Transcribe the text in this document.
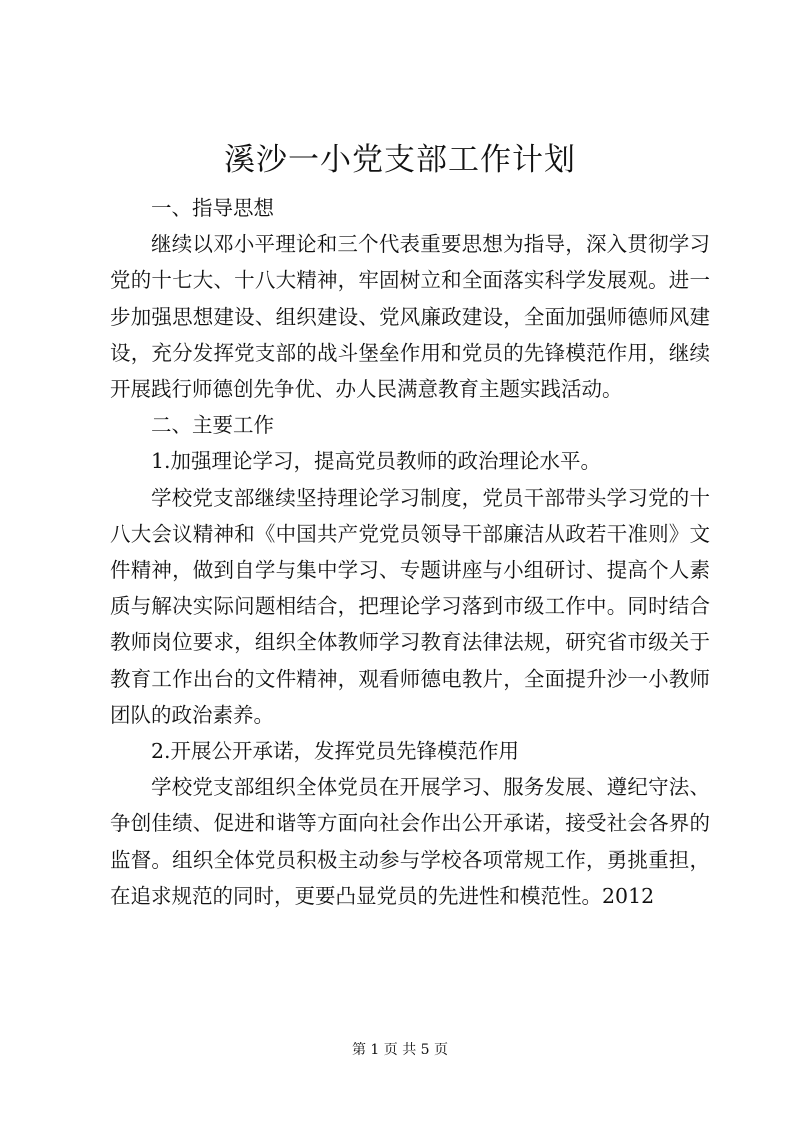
溪沙一小党支部工作计划

一、指导思想

继续以邓小平理论和三个代表重要思想为指导，深入贯彻学习党的十七大、十八大精神，牢固树立和全面落实科学发展观。进一步加强思想建设、组织建设、党风廉政建设，全面加强师德师风建设，充分发挥党支部的战斗堡垒作用和党员的先锋模范作用，继续开展践行师德创先争优、办人民满意教育主题实践活动。

二、主要工作

1.加强理论学习，提高党员教师的政治理论水平。

学校党支部继续坚持理论学习制度，党员干部带头学习党的十八大会议精神和《中国共产党党员领导干部廉洁从政若干准则》文件精神，做到自学与集中学习、专题讲座与小组研讨、提高个人素质与解决实际问题相结合，把理论学习落到市级工作中。同时结合教师岗位要求，组织全体教师学习教育法律法规，研究省市级关于教育工作出台的文件精神，观看师德电教片，全面提升沙一小教师团队的政治素养。

2.开展公开承诺，发挥党员先锋模范作用

学校党支部组织全体党员在开展学习、服务发展、遵纪守法、争创佳绩、促进和谐等方面向社会作出公开承诺，接受社会各界的监督。组织全体党员积极主动参与学校各项常规工作，勇挑重担，在追求规范的同时，更要凸显党员的先进性和模范性。2012

第 1 页 共 5 页
